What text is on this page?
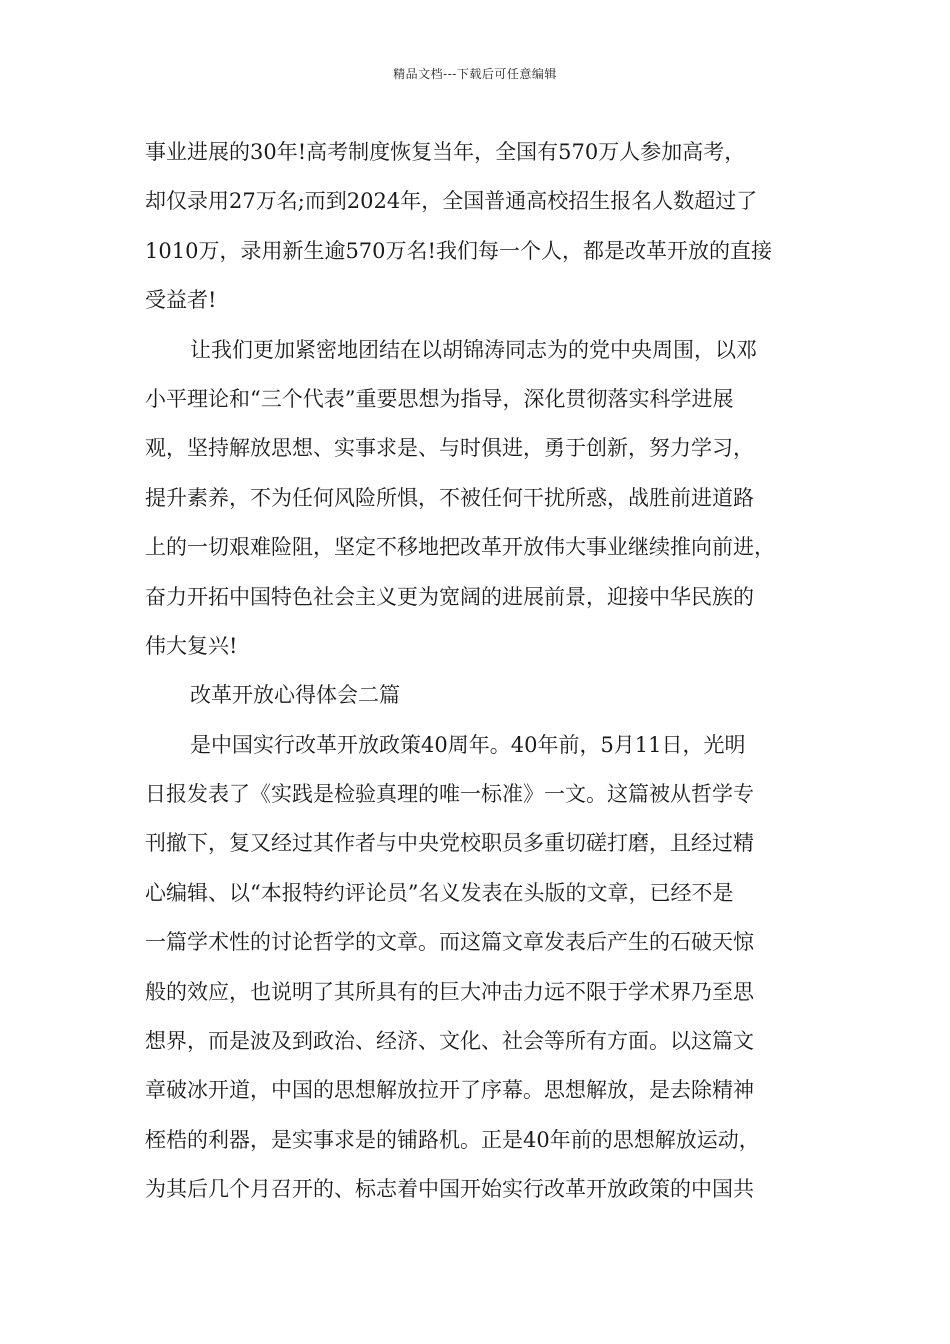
精品文档---下载后可任意编辑
事业进展的30年!高考制度恢复当年，全国有570万人参加高考，
却仅录用27万名;而到2024年，全国普通高校招生报名人数超过了
1010万，录用新生逾570万名!我们每一个人，都是改革开放的直接
受益者!
让我们更加紧密地团结在以胡锦涛同志为的党中央周围，以邓
小平理论和“三个代表”重要思想为指导，深化贯彻落实科学进展
观，坚持解放思想、实事求是、与时俱进，勇于创新，努力学习，
提升素养，不为任何风险所惧，不被任何干扰所惑，战胜前进道路
上的一切艰难险阻，坚定不移地把改革开放伟大事业继续推向前进，
奋力开拓中国特色社会主义更为宽阔的进展前景，迎接中华民族的
伟大复兴!
改革开放心得体会二篇
是中国实行改革开放政策40周年。40年前，5月11日，光明
日报发表了《实践是检验真理的唯一标准》一文。这篇被从哲学专
刊撤下，复又经过其作者与中央党校职员多重切磋打磨，且经过精
心编辑、以“本报特约评论员”名义发表在头版的文章，已经不是
一篇学术性的讨论哲学的文章。而这篇文章发表后产生的石破天惊
般的效应，也说明了其所具有的巨大冲击力远不限于学术界乃至思
想界，而是波及到政治、经济、文化、社会等所有方面。以这篇文
章破冰开道，中国的思想解放拉开了序幕。思想解放，是去除精神
桎梏的利器，是实事求是的铺路机。正是40年前的思想解放运动，
为其后几个月召开的、标志着中国开始实行改革开放政策的中国共
